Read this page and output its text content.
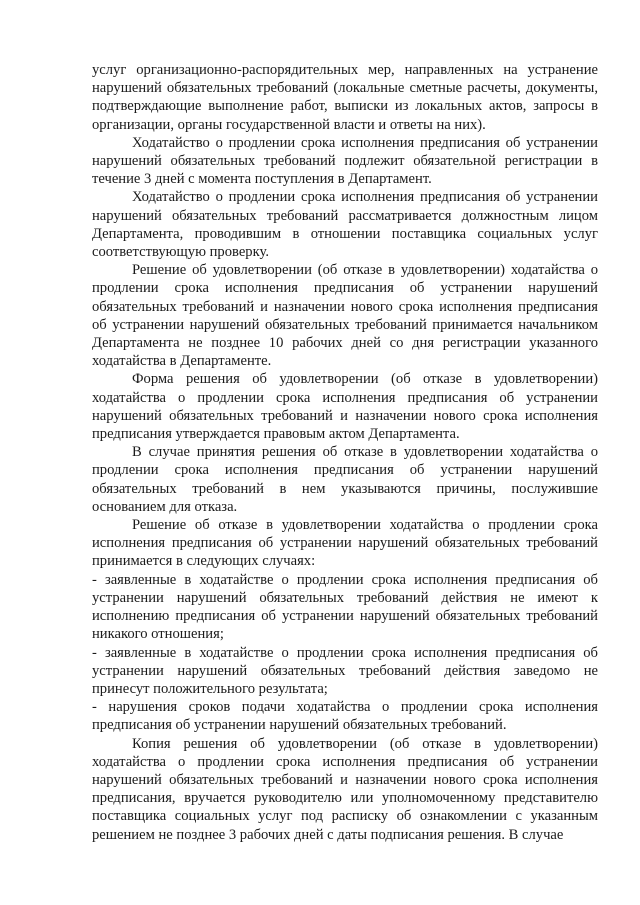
услуг организационно-распорядительных мер, направленных на устранение нарушений обязательных требований (локальные сметные расчеты, документы, подтверждающие выполнение работ, выписки из локальных актов, запросы в организации, органы государственной власти и ответы на них).

Ходатайство о продлении срока исполнения предписания об устранении нарушений обязательных требований подлежит обязательной регистрации в течение 3 дней с момента поступления в Департамент.

Ходатайство о продлении срока исполнения предписания об устранении нарушений обязательных требований рассматривается должностным лицом Департамента, проводившим в отношении поставщика социальных услуг соответствующую проверку.

Решение об удовлетворении (об отказе в удовлетворении) ходатайства о продлении срока исполнения предписания об устранении нарушений обязательных требований и назначении нового срока исполнения предписания об устранении нарушений обязательных требований принимается начальником Департамента не позднее 10 рабочих дней со дня регистрации указанного ходатайства в Департаменте.

Форма решения об удовлетворении (об отказе в удовлетворении) ходатайства о продлении срока исполнения предписания об устранении нарушений обязательных требований и назначении нового срока исполнения предписания утверждается правовым актом Департамента.

В случае принятия решения об отказе в удовлетворении ходатайства о продлении срока исполнения предписания об устранении нарушений обязательных требований в нем указываются причины, послужившие основанием для отказа.

Решение об отказе в удовлетворении ходатайства о продлении срока исполнения предписания об устранении нарушений обязательных требований принимается в следующих случаях:

- заявленные в ходатайстве о продлении срока исполнения предписания об устранении нарушений обязательных требований действия не имеют к исполнению предписания об устранении нарушений обязательных требований никакого отношения;

- заявленные в ходатайстве о продлении срока исполнения предписания об устранении нарушений обязательных требований действия заведомо не принесут положительного результата;

- нарушения сроков подачи ходатайства о продлении срока исполнения предписания об устранении нарушений обязательных требований.

Копия решения об удовлетворении (об отказе в удовлетворении) ходатайства о продлении срока исполнения предписания об устранении нарушений обязательных требований и назначении нового срока исполнения предписания, вручается руководителю или уполномоченному представителю поставщика социальных услуг под расписку об ознакомлении с указанным решением не позднее 3 рабочих дней с даты подписания решения. В случае
